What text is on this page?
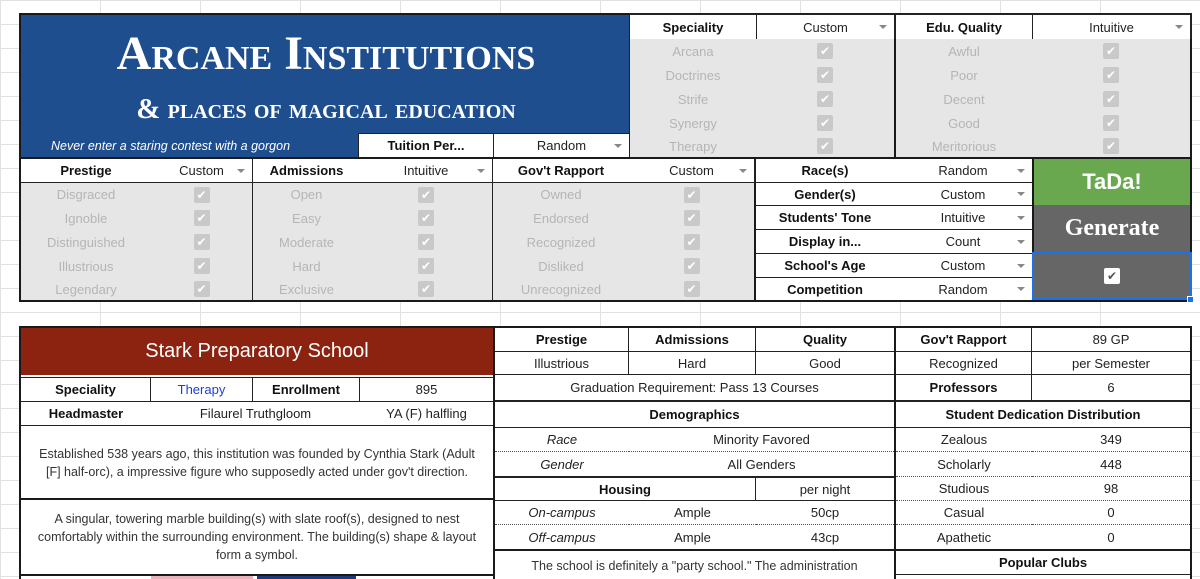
Arcane Institutions
& places of magical education
Never enter a staring contest with a gorgon	Tuition Per...	Random
Speciality	Custom
Arcana	✔
Doctrines	✔
Strife	✔
Synergy	✔
Therapy	✔
Edu. Quality	Intuitive
Awful	✔
Poor	✔
Decent	✔
Good	✔
Meritorious	✔
Prestige	Custom
Disgraced	✔
Ignoble	✔
Distinguished	✔
Illustrious	✔
Legendary	✔
Admissions	Intuitive
Open	✔
Easy	✔
Moderate	✔
Hard	✔
Exclusive	✔
Gov't Rapport	Custom
Owned	✔
Endorsed	✔
Recognized	✔
Disliked	✔
Unrecognized	✔
Race(s)	Random
Gender(s)	Custom
Students' Tone	Intuitive
Display in...	Count
School's Age	Custom
Competition	Random
TaDa!
Generate
✔
Stark Preparatory School
Speciality	Therapy	Enrollment	895
Headmaster	Filaurel Truthgloom	YA (F) halfling
Established 538 years ago, this institution was founded by Cynthia Stark (Adult [F] half-orc), a impressive figure who supposedly acted under gov't direction.
A singular, towering marble building(s) with slate roof(s), designed to nest comfortably within the surrounding environment. The building(s) shape & layout form a symbol.
Prestige	Admissions	Quality
Illustrious	Hard	Good
Graduation Requirement: Pass 13 Courses
Demographics
Race	Minority Favored
Gender	All Genders
Housing	per night
On-campus	Ample	50cp
Off-campus	Ample	43cp
The school is definitely a "party school." The administration
Gov't Rapport	89 GP
Recognized	per Semester
Professors	6
Student Dedication Distribution
Zealous	349
Scholarly	448
Studious	98
Casual	0
Apathetic	0
Popular Clubs
